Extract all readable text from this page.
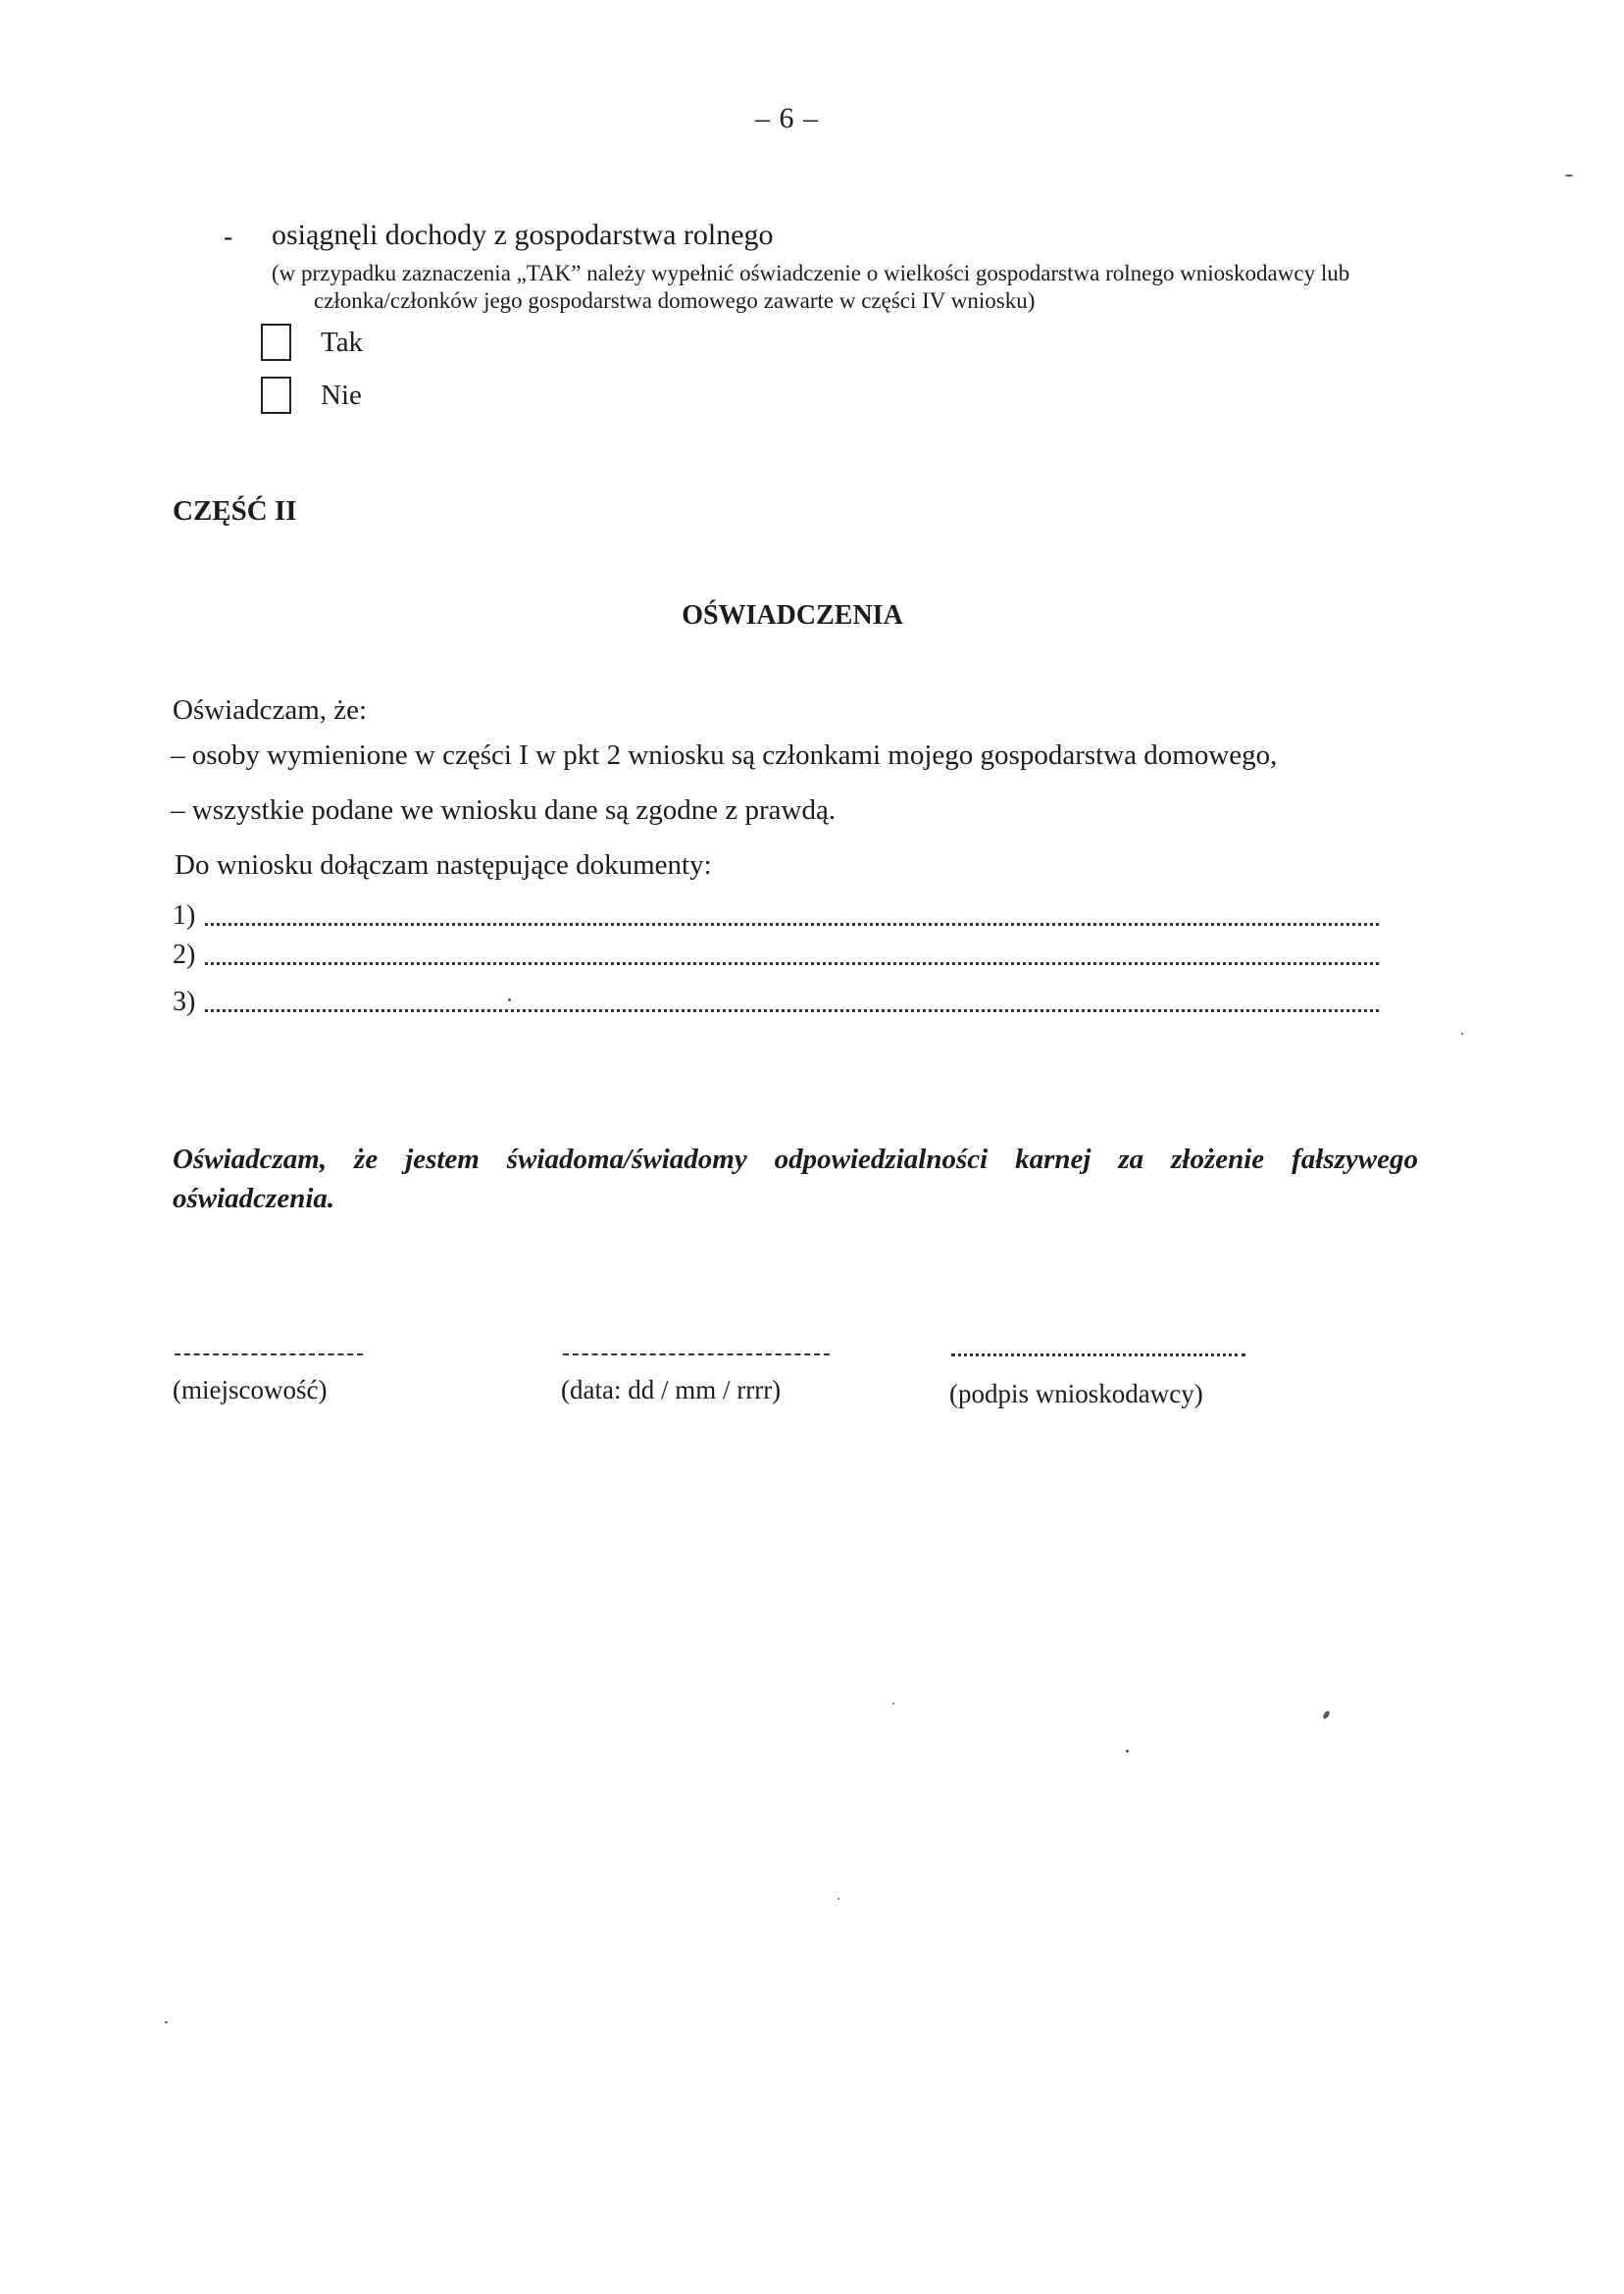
– 6 –
- osiągnęli dochody z gospodarstwa rolnego
(w przypadku zaznaczenia „TAK” należy wypełnić oświadczenie o wielkości gospodarstwa rolnego wnioskodawcy lub
członka/członków jego gospodarstwa domowego zawarte w części IV wniosku)
Tak
Nie
CZĘŚĆ II
OŚWIADCZENIA
Oświadczam, że:
– osoby wymienione w części I w pkt 2 wniosku są członkami mojego gospodarstwa domowego,
– wszystkie podane we wniosku dane są zgodne z prawdą.
Do wniosku dołączam następujące dokumenty:
1)
2)
3)
Oświadczam, że jestem świadoma/świadomy odpowiedzialności karnej za złożenie fałszywego
oświadczenia.
(miejscowość)	(data: dd / mm / rrrr)	(podpis wnioskodawcy)
